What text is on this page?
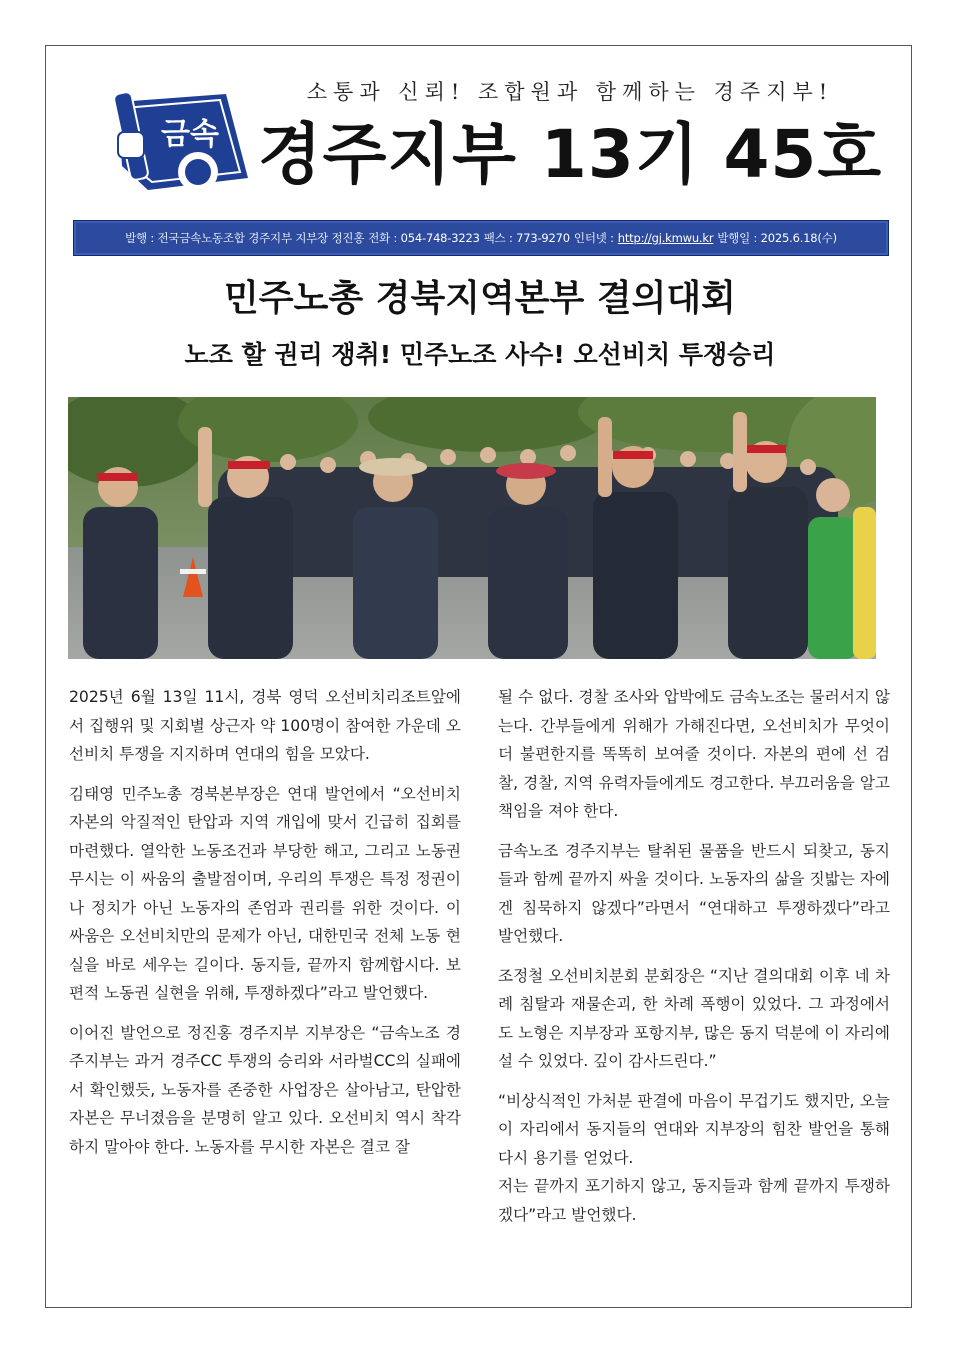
금속
소통과 신뢰! 조합원과 함께하는 경주지부!
경주지부 13기 45호
발행 : 전국금속노동조합 경주지부 지부장 정진홍 전화 : 054-748-3223 팩스 : 773-9270 인터넷 : http://gj.kmwu.kr 발행일 : 2025.6.18(수)
민주노총 경북지역본부 결의대회
노조 할 권리 쟁취! 민주노조 사수! 오선비치 투쟁승리

2025년 6월 13일 11시, 경북 영덕 오선비치리조트앞에서 집행위 및 지회별 상근자 약 100명이 참여한 가운데 오선비치 투쟁을 지지하며 연대의 힘을 모았다.

김태영 민주노총 경북본부장은 연대 발언에서 “오선비치 자본의 악질적인 탄압과 지역 개입에 맞서 긴급히 집회를 마련했다. 열악한 노동조건과 부당한 해고, 그리고 노동권 무시는 이 싸움의 출발점이며, 우리의 투쟁은 특정 정권이나 정치가 아닌 노동자의 존엄과 권리를 위한 것이다. 이 싸움은 오선비치만의 문제가 아닌, 대한민국 전체 노동 현실을 바로 세우는 길이다. 동지들, 끝까지 함께합시다. 보편적 노동권 실현을 위해, 투쟁하겠다”라고 발언했다.

이어진 발언으로 정진홍 경주지부 지부장은 “금속노조 경주지부는 과거 경주CC 투쟁의 승리와 서라벌CC의 실패에서 확인했듯, 노동자를 존중한 사업장은 살아남고, 탄압한 자본은 무너졌음을 분명히 알고 있다. 오선비치 역시 착각하지 말아야 한다. 노동자를 무시한 자본은 결코 잘

될 수 없다. 경찰 조사와 압박에도 금속노조는 물러서지 않는다. 간부들에게 위해가 가해진다면, 오선비치가 무엇이 더 불편한지를 똑똑히 보여줄 것이다. 자본의 편에 선 검찰, 경찰, 지역 유력자들에게도 경고한다. 부끄러움을 알고 책임을 져야 한다.

금속노조 경주지부는 탈취된 물품을 반드시 되찾고, 동지들과 함께 끝까지 싸울 것이다. 노동자의 삶을 짓밟는 자에겐 침묵하지 않겠다”라면서 “연대하고 투쟁하겠다”라고 발언했다.

조정철 오선비치분회 분회장은 “지난 결의대회 이후 네 차례 침탈과 재물손괴, 한 차례 폭행이 있었다. 그 과정에서도 노형은 지부장과 포항지부, 많은 동지 덕분에 이 자리에 설 수 있었다. 깊이 감사드린다.”

“비상식적인 가처분 판결에 마음이 무겁기도 했지만, 오늘 이 자리에서 동지들의 연대와 지부장의 힘찬 발언을 통해 다시 용기를 얻었다.
저는 끝까지 포기하지 않고, 동지들과 함께 끝까지 투쟁하겠다”라고 발언했다.
